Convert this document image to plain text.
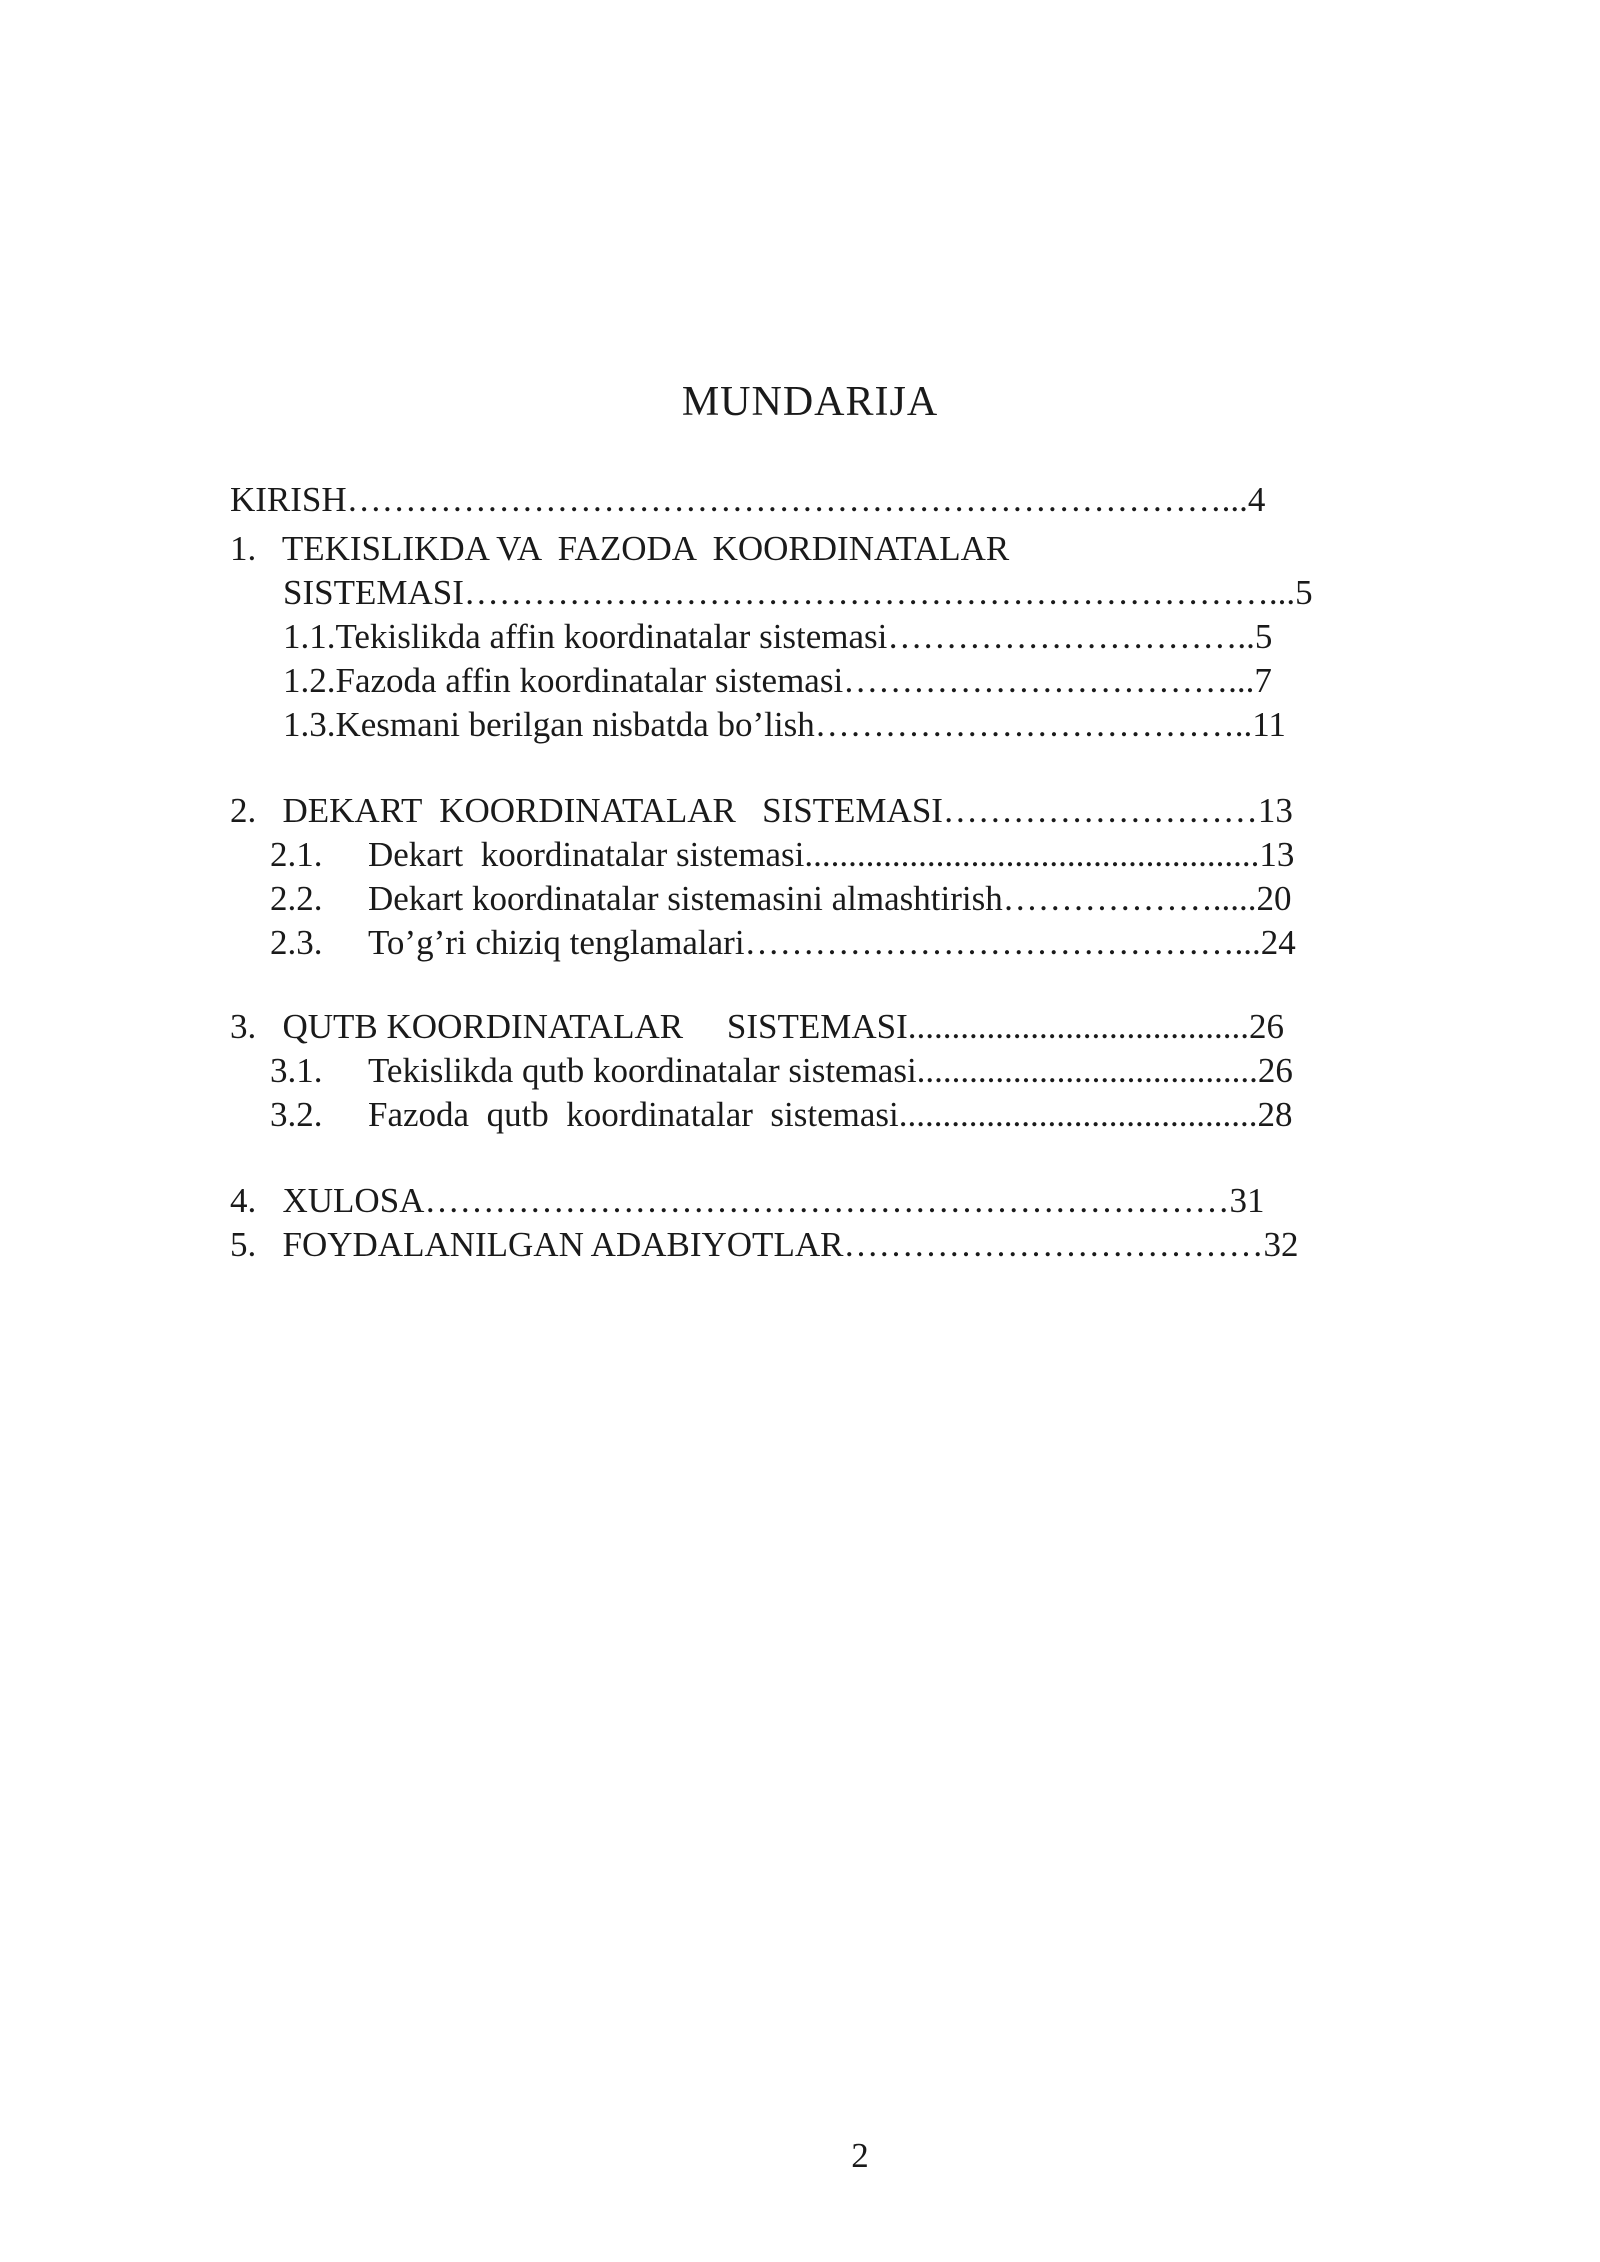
MUNDARIJA
KIRISH…………………………………………………………………...4
1.   TEKISLIKDA VA  FAZODA  KOORDINATALAR
SISTEMASI……………………………………………………………...5
1.1.Tekislikda affin koordinatalar sistemasi…………………………..5
1.2.Fazoda affin koordinatalar sistemasi……………………………...7
1.3.Kesmani berilgan nisbatda bo’lish………………………………..11
2.   DEKART  KOORDINATALAR   SISTEMASI………………………13
2.1. Dekart  koordinatalar sistemasi....................................................13
2.2. Dekart koordinatalar sistemasini almashtirish……………….....20
2.3. To’g’ri chiziq tenglamalari……………………………………...24
3.   QUTB KOORDINATALAR     SISTEMASI.......................................26
3.1. Tekislikda qutb koordinatalar sistemasi.......................................26
3.2. Fazoda  qutb  koordinatalar  sistemasi.........................................28
4.   XULOSA……………………………………………………………31
5.   FOYDALANILGAN ADABIYOTLAR………………………………32
2
